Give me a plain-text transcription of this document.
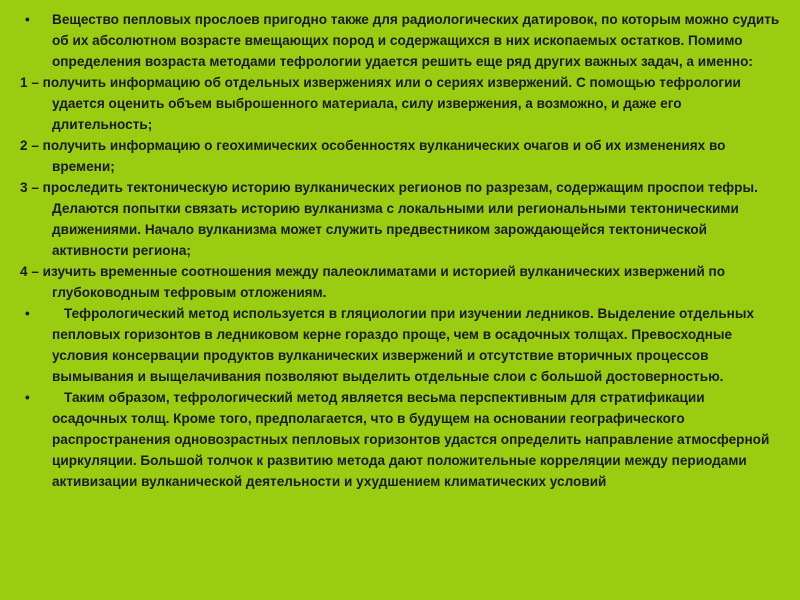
• Вещество пепловых прослоев пригодно также для радиологических датировок, по которым можно судить об их абсолютном возрасте вмещающих пород и содержащихся в них ископаемых остатков. Помимо определения возраста методами тефрологии удается решить еще ряд других важных задач, а именно:

1 – получить информацию об отдельных извержениях или о сериях извержений. С помощью тефрологии удается оценить объем выброшенного материала, силу извержения, а возможно, и даже его длительность;

2 – получить информацию о геохимических особенностях вулканических очагов и об их изменениях во времени;

3 – проследить тектоническую историю вулканических регионов по разрезам, содержащим проспои тефры. Делаются попытки связать историю вулканизма с локальными или региональными тектоническими движениями. Начало вулканизма может служить предвестником зарождающейся тектонической активности региона;

4 – изучить временные соотношения между палеоклиматами и историей вулканических извержений по глубоководным тефровым отложениям.

•	Тефрологический метод используется в гляциологии при изучении ледников. Выделение отдельных пепловых горизонтов в ледниковом керне гораздо проще, чем в осадочных толщах. Превосходные условия консервации продуктов вулканических извержений и отсутствие вторичных процессов вымывания и выщелачивания позволяют выделить отдельные слои с большой достоверностью.

•	Таким образом, тефрологический метод является весьма перспективным для стратификации осадочных толщ. Кроме того, предполагается, что в будущем на основании географического распространения одновозрастных пепловых горизонтов удастся определить направление атмосферной циркуляции. Большой толчок к развитию метода дают положительные корреляции между периодами активизации вулканической деятельности и ухудшением климатических условий
